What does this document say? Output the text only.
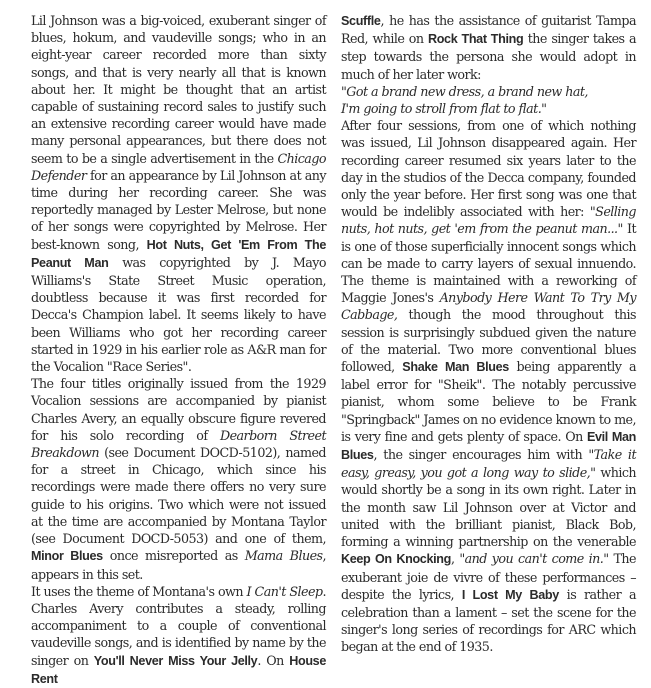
Lil Johnson was a big-voiced, exuberant singer of blues, hokum, and vaudeville songs; who in an eight-year career recorded more than sixty songs, and that is very nearly all that is known about her. It might be thought that an artist capable of sustaining record sales to justify such an extensive recording career would have made many personal appearances, but there does not seem to be a single advertisement in the Chicago Defender for an appearance by Lil Johnson at any time during her recording career. She was reportedly managed by Lester Melrose, but none of her songs were copyrighted by Melrose. Her best-known song, Hot Nuts, Get 'Em From The Peanut Man was copyrighted by J. Mayo Williams's State Street Music operation, doubtless because it was first recorded for Decca's Champion label. It seems likely to have been Williams who got her recording career started in 1929 in his earlier role as A&R man for the Vocalion "Race Series".

The four titles originally issued from the 1929 Vocalion sessions are accompanied by pianist Charles Avery, an equally obscure figure revered for his solo recording of Dearborn Street Breakdown (see Document DOCD-5102), named for a street in Chicago, which since his recordings were made there offers no very sure guide to his origins. Two which were not issued at the time are accompanied by Montana Taylor (see Document DOCD-5053) and one of them, Minor Blues once misreported as Mama Blues, appears in this set.

It uses the theme of Montana's own I Can't Sleep. Charles Avery contributes a steady, rolling accompaniment to a couple of conventional vaudeville songs, and is identified by name by the singer on You'll Never Miss Your Jelly. On House Rent

Scuffle, he has the assistance of guitarist Tampa Red, while on Rock That Thing the singer takes a step towards the persona she would adopt in much of her later work:

"Got a brand new dress, a brand new hat,
I'm going to stroll from flat to flat."

After four sessions, from one of which nothing was issued, Lil Johnson disappeared again. Her recording career resumed six years later to the day in the studios of the Decca company, founded only the year before. Her first song was one that would be indelibly associated with her: "Selling nuts, hot nuts, get 'em from the peanut man..." It is one of those superficially innocent songs which can be made to carry layers of sexual innuendo. The theme is maintained with a reworking of Maggie Jones's Anybody Here Want To Try My Cabbage, though the mood throughout this session is surprisingly subdued given the nature of the material. Two more conventional blues followed, Shake Man Blues being apparently a label error for "Sheik". The notably percussive pianist, whom some believe to be Frank "Springback" James on no evidence known to me, is very fine and gets plenty of space. On Evil Man Blues, the singer encourages him with "Take it easy, greasy, you got a long way to slide," which would shortly be a song in its own right. Later in the month saw Lil Johnson over at Victor and united with the brilliant pianist, Black Bob, forming a winning partnership on the venerable Keep On Knocking, "and you can't come in." The exuberant joie de vivre of these performances – despite the lyrics, I Lost My Baby is rather a celebration than a lament – set the scene for the singer's long series of recordings for ARC which began at the end of 1935.
